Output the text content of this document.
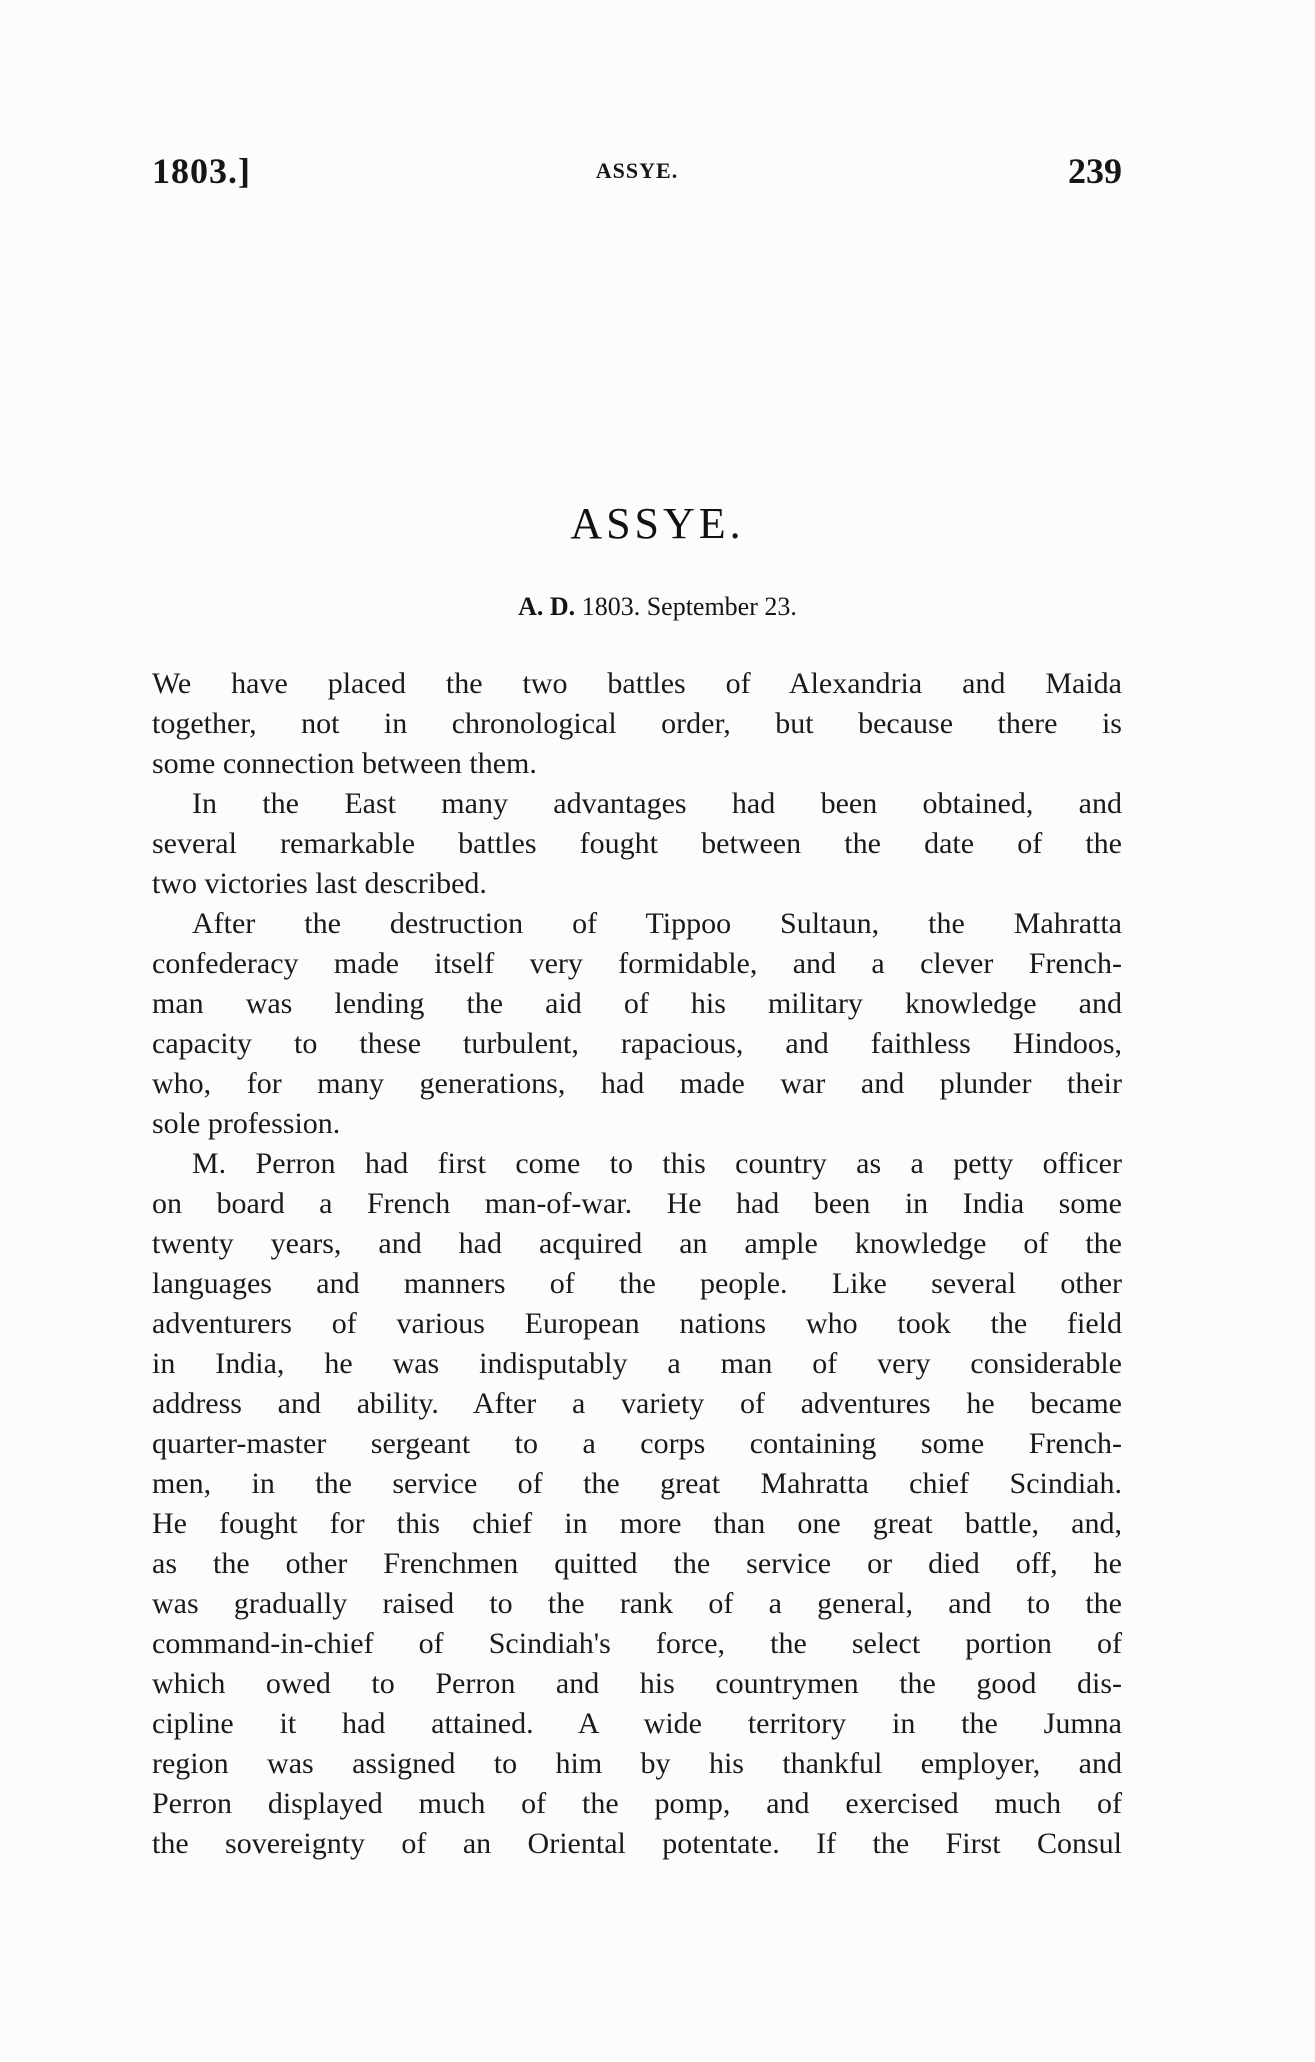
1803.]	ASSYE.	239
ASSYE.
A. D. 1803. September 23.

We have placed the two battles of Alexandria and Maida
together, not in chronological order, but because there is
some connection between them.

In the East many advantages had been obtained, and
several remarkable battles fought between the date of the
two victories last described.

After the destruction of Tippoo Sultaun, the Mahratta
confederacy made itself very formidable, and a clever French-
man was lending the aid of his military knowledge and
capacity to these turbulent, rapacious, and faithless Hindoos,
who, for many generations, had made war and plunder their
sole profession.

M. Perron had first come to this country as a petty officer
on board a French man-of-war. He had been in India some
twenty years, and had acquired an ample knowledge of the
languages and manners of the people. Like several other
adventurers of various European nations who took the field
in India, he was indisputably a man of very considerable
address and ability. After a variety of adventures he became
quarter-master sergeant to a corps containing some French-
men, in the service of the great Mahratta chief Scindiah.
He fought for this chief in more than one great battle, and,
as the other Frenchmen quitted the service or died off, he
was gradually raised to the rank of a general, and to the
command-in-chief of Scindiah's force, the select portion of
which owed to Perron and his countrymen the good dis-
cipline it had attained. A wide territory in the Jumna
region was assigned to him by his thankful employer, and
Perron displayed much of the pomp, and exercised much of
the sovereignty of an Oriental potentate. If the First Consul
